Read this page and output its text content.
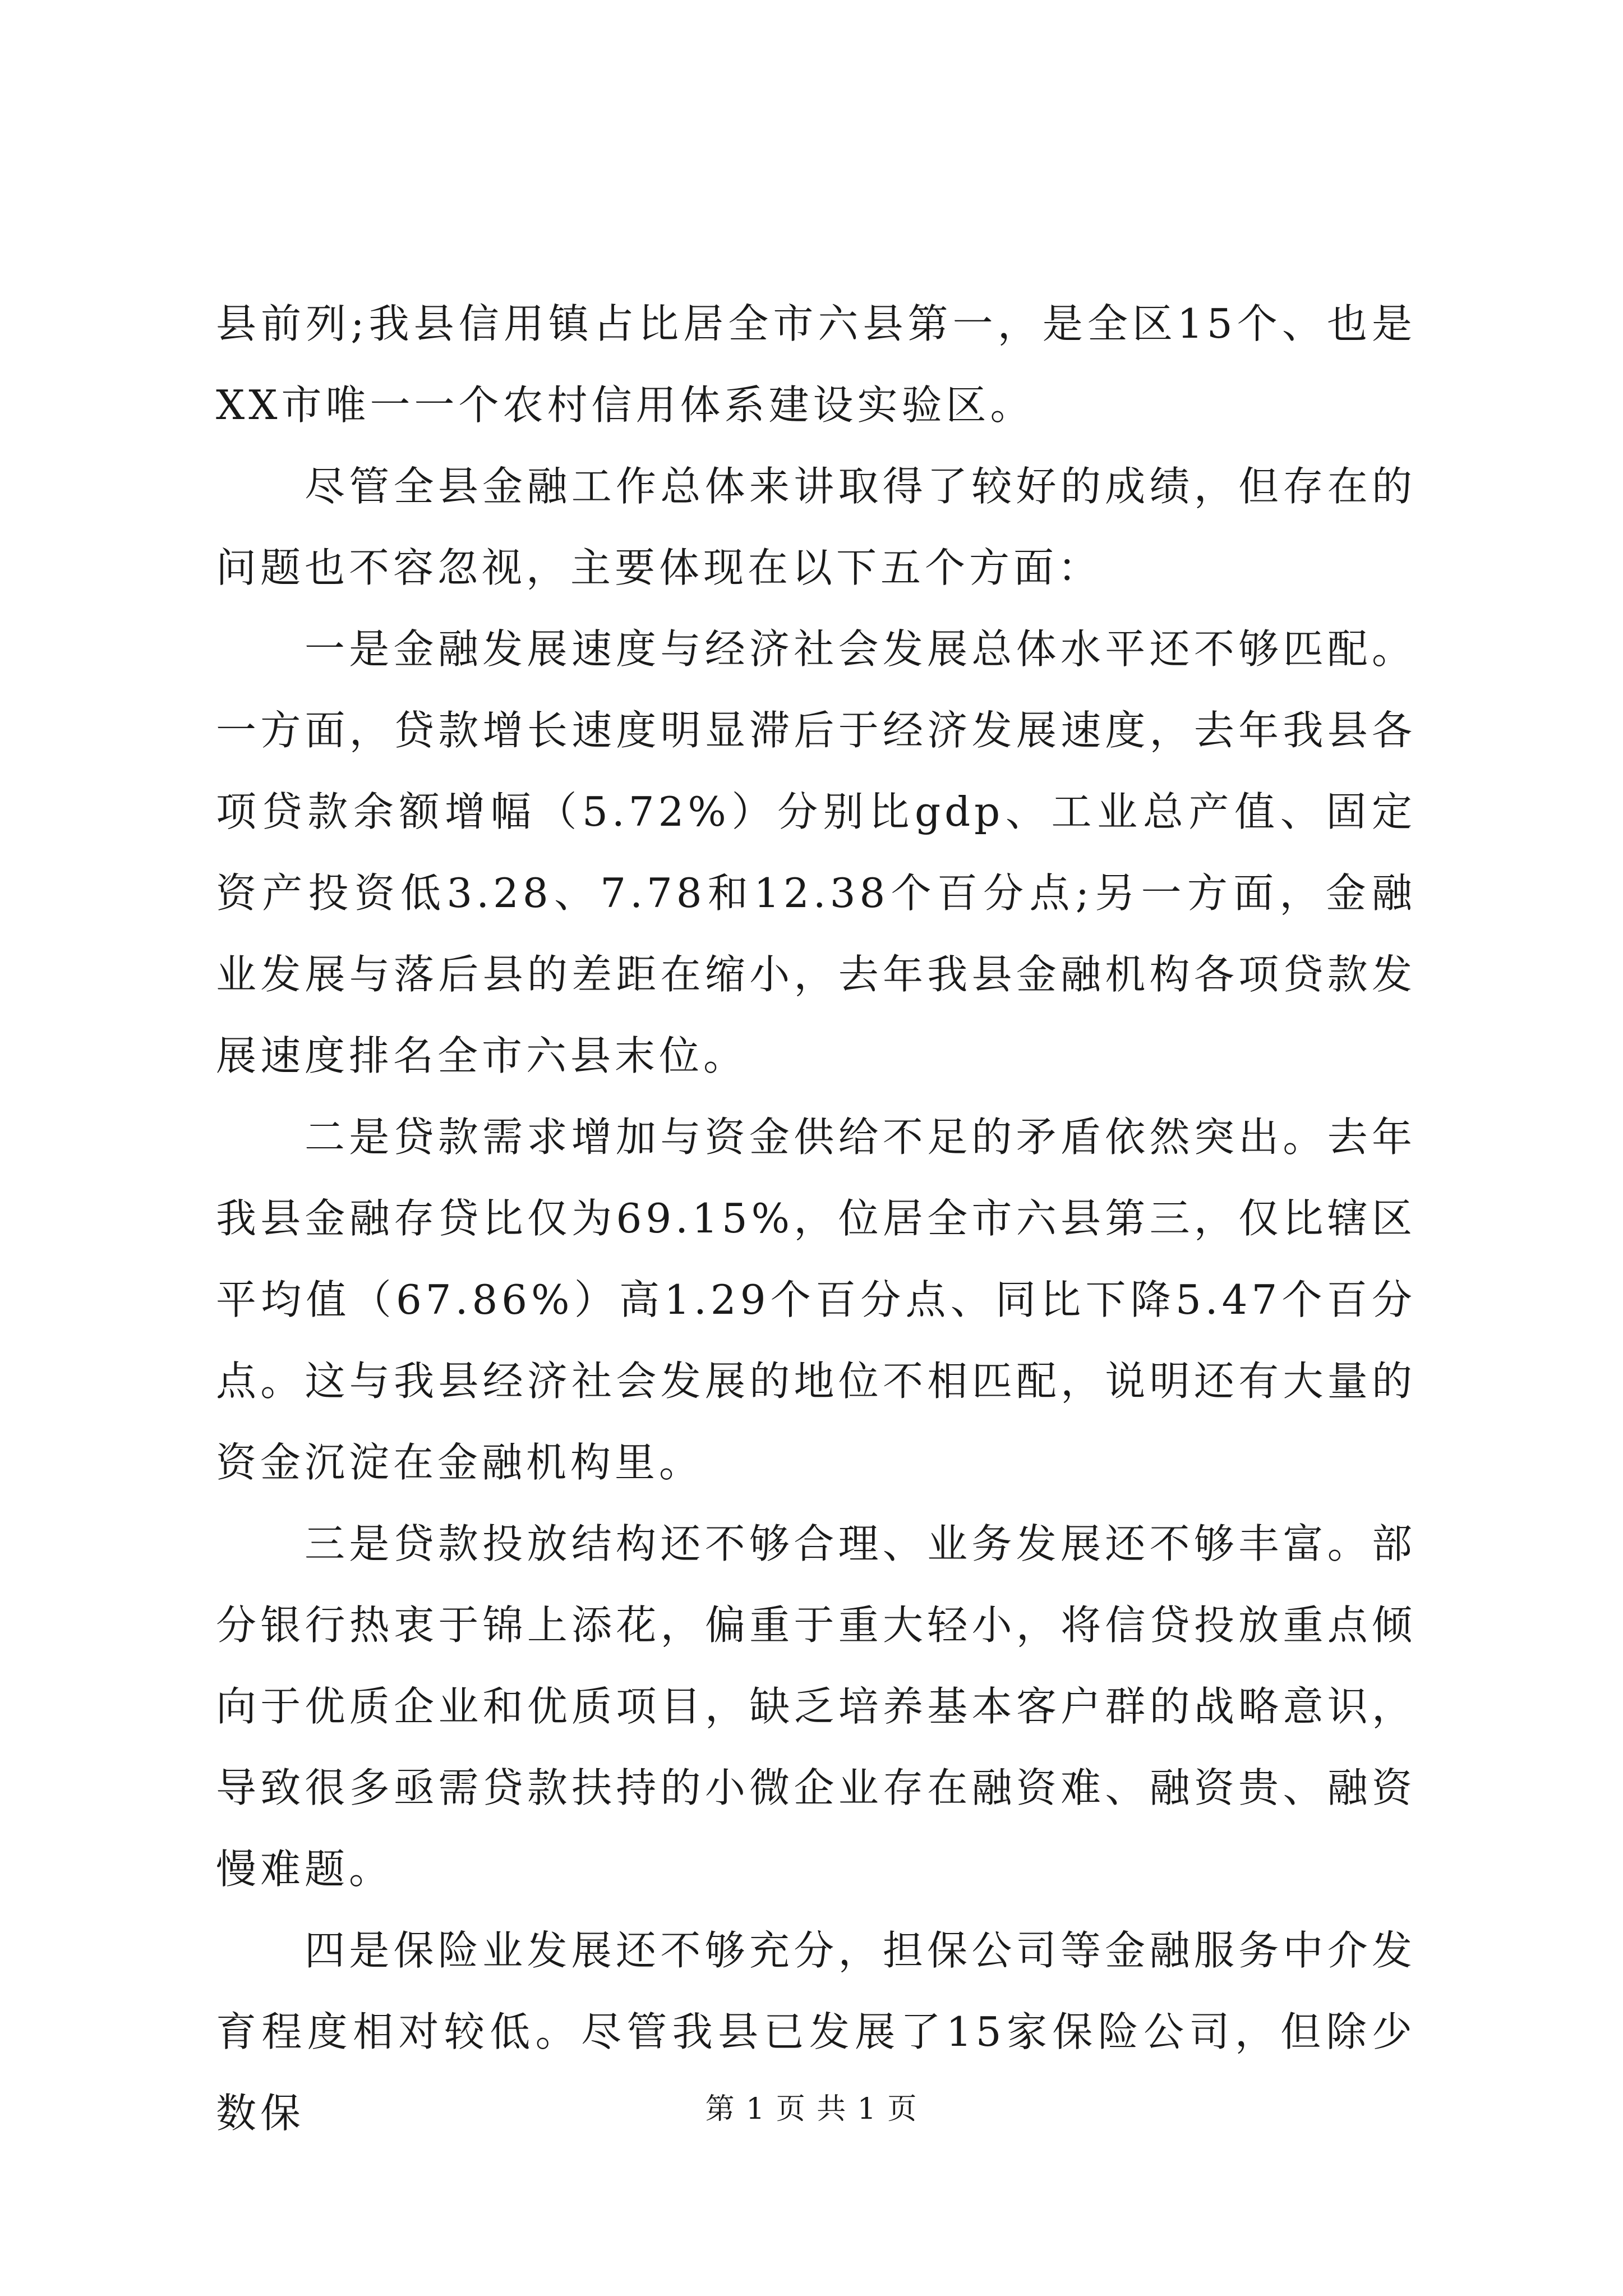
县前列;我县信用镇占比居全市六县第一，是全区15个、也是XX市唯一一个农村信用体系建设实验区。

尽管全县金融工作总体来讲取得了较好的成绩，但存在的问题也不容忽视，主要体现在以下五个方面：

一是金融发展速度与经济社会发展总体水平还不够匹配。一方面，贷款增长速度明显滞后于经济发展速度，去年我县各项贷款余额增幅（5.72%）分别比gdp、工业总产值、固定资产投资低3.28、7.78和12.38个百分点;另一方面，金融业发展与落后县的差距在缩小，去年我县金融机构各项贷款发展速度排名全市六县末位。

二是贷款需求增加与资金供给不足的矛盾依然突出。去年我县金融存贷比仅为69.15%，位居全市六县第三，仅比辖区平均值（67.86%）高1.29个百分点、同比下降5.47个百分点。这与我县经济社会发展的地位不相匹配，说明还有大量的资金沉淀在金融机构里。

三是贷款投放结构还不够合理、业务发展还不够丰富。部分银行热衷于锦上添花，偏重于重大轻小，将信贷投放重点倾向于优质企业和优质项目，缺乏培养基本客户群的战略意识，导致很多亟需贷款扶持的小微企业存在融资难、融资贵、融资慢难题。

四是保险业发展还不够充分，担保公司等金融服务中介发育程度相对较低。尽管我县已发展了15家保险公司，但除少数保	第 1 页 共 1 页
